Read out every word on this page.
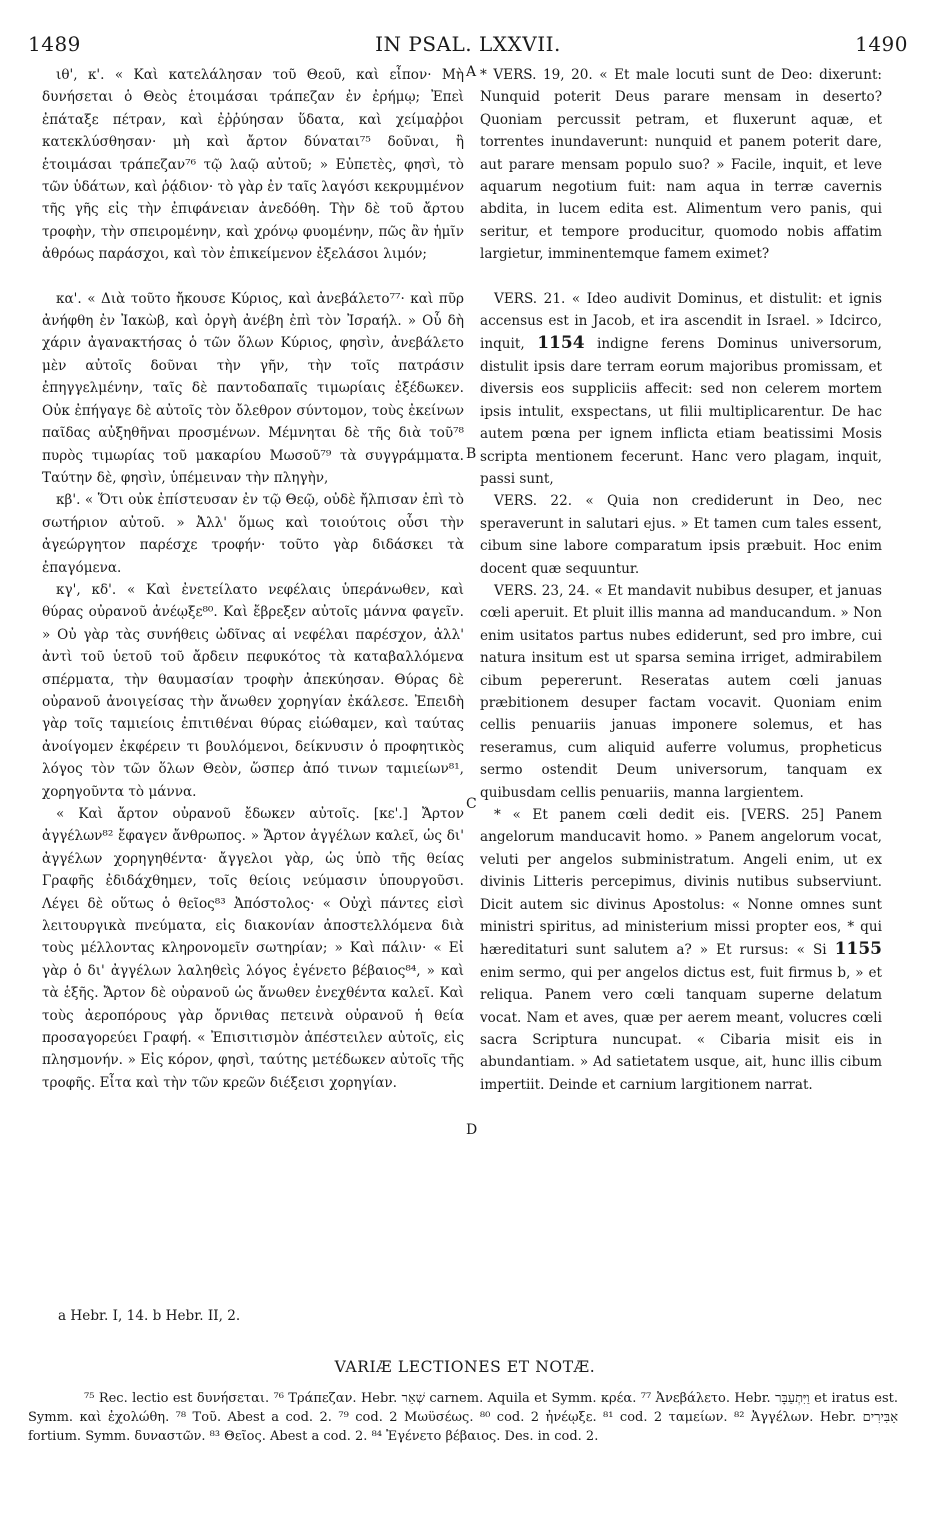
1489	IN PSAL. LXXVII.	1490

ιθ', κ'. « Καὶ κατελάλησαν τοῦ Θεοῦ, καὶ εἶπον· Μὴ δυνήσεται ὁ Θεὸς ἑτοιμάσαι τράπεζαν ἐν ἐρήμῳ; Ἐπεὶ ἐπάταξε πέτραν, καὶ ἐῤῥύησαν ὕδατα, καὶ χείμαῤῥοι κατεκλύσθησαν· μὴ καὶ ἄρτον δύναται⁷⁵ δοῦναι, ἢ ἑτοιμάσαι τράπεζαν⁷⁶ τῷ λαῷ αὐτοῦ; » Εὐπετὲς, φησὶ, τὸ τῶν ὑδάτων, καὶ ῥᾴδιον· τὸ γὰρ ἐν ταῖς λαγόσι κεκρυμμένον τῆς γῆς εἰς τὴν ἐπιφάνειαν ἀνεδόθη. Τὴν δὲ τοῦ ἄρτου τροφὴν, τὴν σπειρομένην, καὶ χρόνῳ φυομένην, πῶς ἂν ἡμῖν ἀθρόως παράσχοι, καὶ τὸν ἐπικείμενον ἐξελάσοι λιμόν;

κα'. « Διὰ τοῦτο ἤκουσε Κύριος, καὶ ἀνεβάλετο⁷⁷· καὶ πῦρ ἀνήφθη ἐν Ἰακὼβ, καὶ ὀργὴ ἀνέβη ἐπὶ τὸν Ἰσραήλ. » Οὗ δὴ χάριν ἀγανακτήσας ὁ τῶν ὅλων Κύριος, φησὶν, ἀνεβάλετο μὲν αὐτοῖς δοῦναι τὴν γῆν, τὴν τοῖς πατράσιν ἐπηγγελμένην, ταῖς δὲ παντοδαπαῖς τιμωρίαις ἐξέδωκεν. Οὐκ ἐπήγαγε δὲ αὐτοῖς τὸν ὄλεθρον σύντομον, τοὺς ἐκείνων παῖδας αὐξηθῆναι προσμένων. Μέμνηται δὲ τῆς διὰ τοῦ⁷⁸ πυρὸς τιμωρίας τοῦ μακαρίου Μωσοῦ⁷⁹ τὰ συγγράμματα. Ταύτην δὲ, φησὶν, ὑπέμειναν τὴν πληγὴν,

κβ'. « Ὅτι οὐκ ἐπίστευσαν ἐν τῷ Θεῷ, οὐδὲ ἤλπισαν ἐπὶ τὸ σωτήριον αὐτοῦ. » Ἀλλ' ὅμως καὶ τοιούτοις οὖσι τὴν ἀγεώργητον παρέσχε τροφήν· τοῦτο γὰρ διδάσκει τὰ ἐπαγόμενα.

κγ', κδ'. « Καὶ ἐνετείλατο νεφέλαις ὑπεράνωθεν, καὶ θύρας οὐρανοῦ ἀνέῳξε⁸⁰. Καὶ ἔβρεξεν αὐτοῖς μάννα φαγεῖν. » Οὐ γὰρ τὰς συνήθεις ὠδῖνας αἱ νεφέλαι παρέσχον, ἀλλ' ἀντὶ τοῦ ὑετοῦ τοῦ ἄρδειν πεφυκότος τὰ καταβαλλόμενα σπέρματα, τὴν θαυμασίαν τροφὴν ἀπεκύησαν. Θύρας δὲ οὐρανοῦ ἀνοιγείσας τὴν ἄνωθεν χορηγίαν ἐκάλεσε. Ἐπειδὴ γὰρ τοῖς ταμιείοις ἐπιτιθέναι θύρας εἰώθαμεν, καὶ ταύτας ἀνοίγομεν ἐκφέρειν τι βουλόμενοι, δείκνυσιν ὁ προφητικὸς λόγος τὸν τῶν ὅλων Θεὸν, ὥσπερ ἀπό τινων ταμιείων⁸¹, χορηγοῦντα τὸ μάννα.

« Καὶ ἄρτον οὐρανοῦ ἔδωκεν αὐτοῖς. [κε'.] Ἄρτον ἀγγέλων⁸² ἔφαγεν ἄνθρωπος. » Ἄρτον ἀγγέλων καλεῖ, ὡς δι' ἀγγέλων χορηγηθέντα· ἄγγελοι γὰρ, ὡς ὑπὸ τῆς θείας Γραφῆς ἐδιδάχθημεν, τοῖς θείοις νεύμασιν ὑπουργοῦσι. Λέγει δὲ οὕτως ὁ θεῖος⁸³ Ἀπόστολος· « Οὐχὶ πάντες εἰσὶ λειτουργικὰ πνεύματα, εἰς διακονίαν ἀποστελλόμενα διὰ τοὺς μέλλοντας κληρονομεῖν σωτηρίαν; » Καὶ πάλιν· « Εἰ γὰρ ὁ δι' ἀγγέλων λαληθεὶς λόγος ἐγένετο βέβαιος⁸⁴, » καὶ τὰ ἑξῆς. Ἄρτον δὲ οὐρανοῦ ὡς ἄνωθεν ἐνεχθέντα καλεῖ. Καὶ τοὺς ἀεροπόρους γὰρ ὄρνιθας πετεινὰ οὐρανοῦ ἡ θεία προσαγορεύει Γραφή. « Ἐπισιτισμὸν ἀπέστειλεν αὐτοῖς, εἰς πλησμονήν. » Εἰς κόρον, φησὶ, ταύτης μετέδωκεν αὐτοῖς τῆς τροφῆς. Εἶτα καὶ τὴν τῶν κρεῶν διέξεισι χορηγίαν.

A
B
C
D

* VERS. 19, 20. « Et male locuti sunt de Deo: dixerunt: Nunquid poterit Deus parare mensam in deserto? Quoniam percussit petram, et fluxerunt aquæ, et torrentes inundaverunt: nunquid et panem poterit dare, aut parare mensam populo suo? » Facile, inquit, et leve aquarum negotium fuit: nam aqua in terræ cavernis abdita, in lucem edita est. Alimentum vero panis, qui seritur, et tempore producitur, quomodo nobis affatim largietur, imminentemque famem eximet?

VERS. 21. « Ideo audivit Dominus, et distulit: et ignis accensus est in Jacob, et ira ascendit in Israel. » Idcirco, inquit, 1154 indigne ferens Dominus universorum, distulit ipsis dare terram eorum majoribus promissam, et diversis eos suppliciis affecit: sed non celerem mortem ipsis intulit, exspectans, ut filii multiplicarentur. De hac autem pœna per ignem inflicta etiam beatissimi Mosis scripta mentionem fecerunt. Hanc vero plagam, inquit, passi sunt,

VERS. 22. « Quia non crediderunt in Deo, nec speraverunt in salutari ejus. » Et tamen cum tales essent, cibum sine labore comparatum ipsis præbuit. Hoc enim docent quæ sequuntur.

VERS. 23, 24. « Et mandavit nubibus desuper, et januas cœli aperuit. Et pluit illis manna ad manducandum. » Non enim usitatos partus nubes ediderunt, sed pro imbre, cui natura insitum est ut sparsa semina irriget, admirabilem cibum pepererunt. Reseratas autem cœli januas præbitionem desuper factam vocavit. Quoniam enim cellis penuariis januas imponere solemus, et has reseramus, cum aliquid auferre volumus, propheticus sermo ostendit Deum universorum, tanquam ex quibusdam cellis penuariis, manna largientem.

* « Et panem cœli dedit eis. [VERS. 25] Panem angelorum manducavit homo. » Panem angelorum vocat, veluti per angelos subministratum. Angeli enim, ut ex divinis Litteris percepimus, divinis nutibus subserviunt. Dicit autem sic divinus Apostolus: « Nonne omnes sunt ministri spiritus, ad ministerium missi propter eos, * qui hæreditaturi sunt salutem a? » Et rursus: « Si 1155 enim sermo, qui per angelos dictus est, fuit firmus b, » et reliqua. Panem vero cœli tanquam superne delatum vocat. Nam et aves, quæ per aerem meant, volucres cœli sacra Scriptura nuncupat. « Cibaria misit eis in abundantiam. » Ad satietatem usque, ait, hunc illis cibum impertiit. Deinde et carnium largitionem narrat.

a Hebr. I, 14. b Hebr. II, 2.
VARIÆ LECTIONES ET NOTÆ.

⁷⁵ Rec. lectio est δυνήσεται. ⁷⁶ Τράπεζαν. Hebr. שְׁאֵר carnem. Aquila et Symm. κρέα. ⁷⁷ Ἀνεβάλετο. Hebr. וַיִּתְעַבָּר et iratus est. Symm. καὶ ἐχολώθη. ⁷⁸ Τοῦ. Abest a cod. 2. ⁷⁹ cod. 2 Μωϋσέως. ⁸⁰ cod. 2 ἠνέῳξε. ⁸¹ cod. 2 ταμείων. ⁸² Ἀγγέλων. Hebr. אַבִּירִים fortium. Symm. δυναστῶν. ⁸³ Θεῖος. Abest a cod. 2. ⁸⁴ Ἐγένετο βέβαιος. Des. in cod. 2.
